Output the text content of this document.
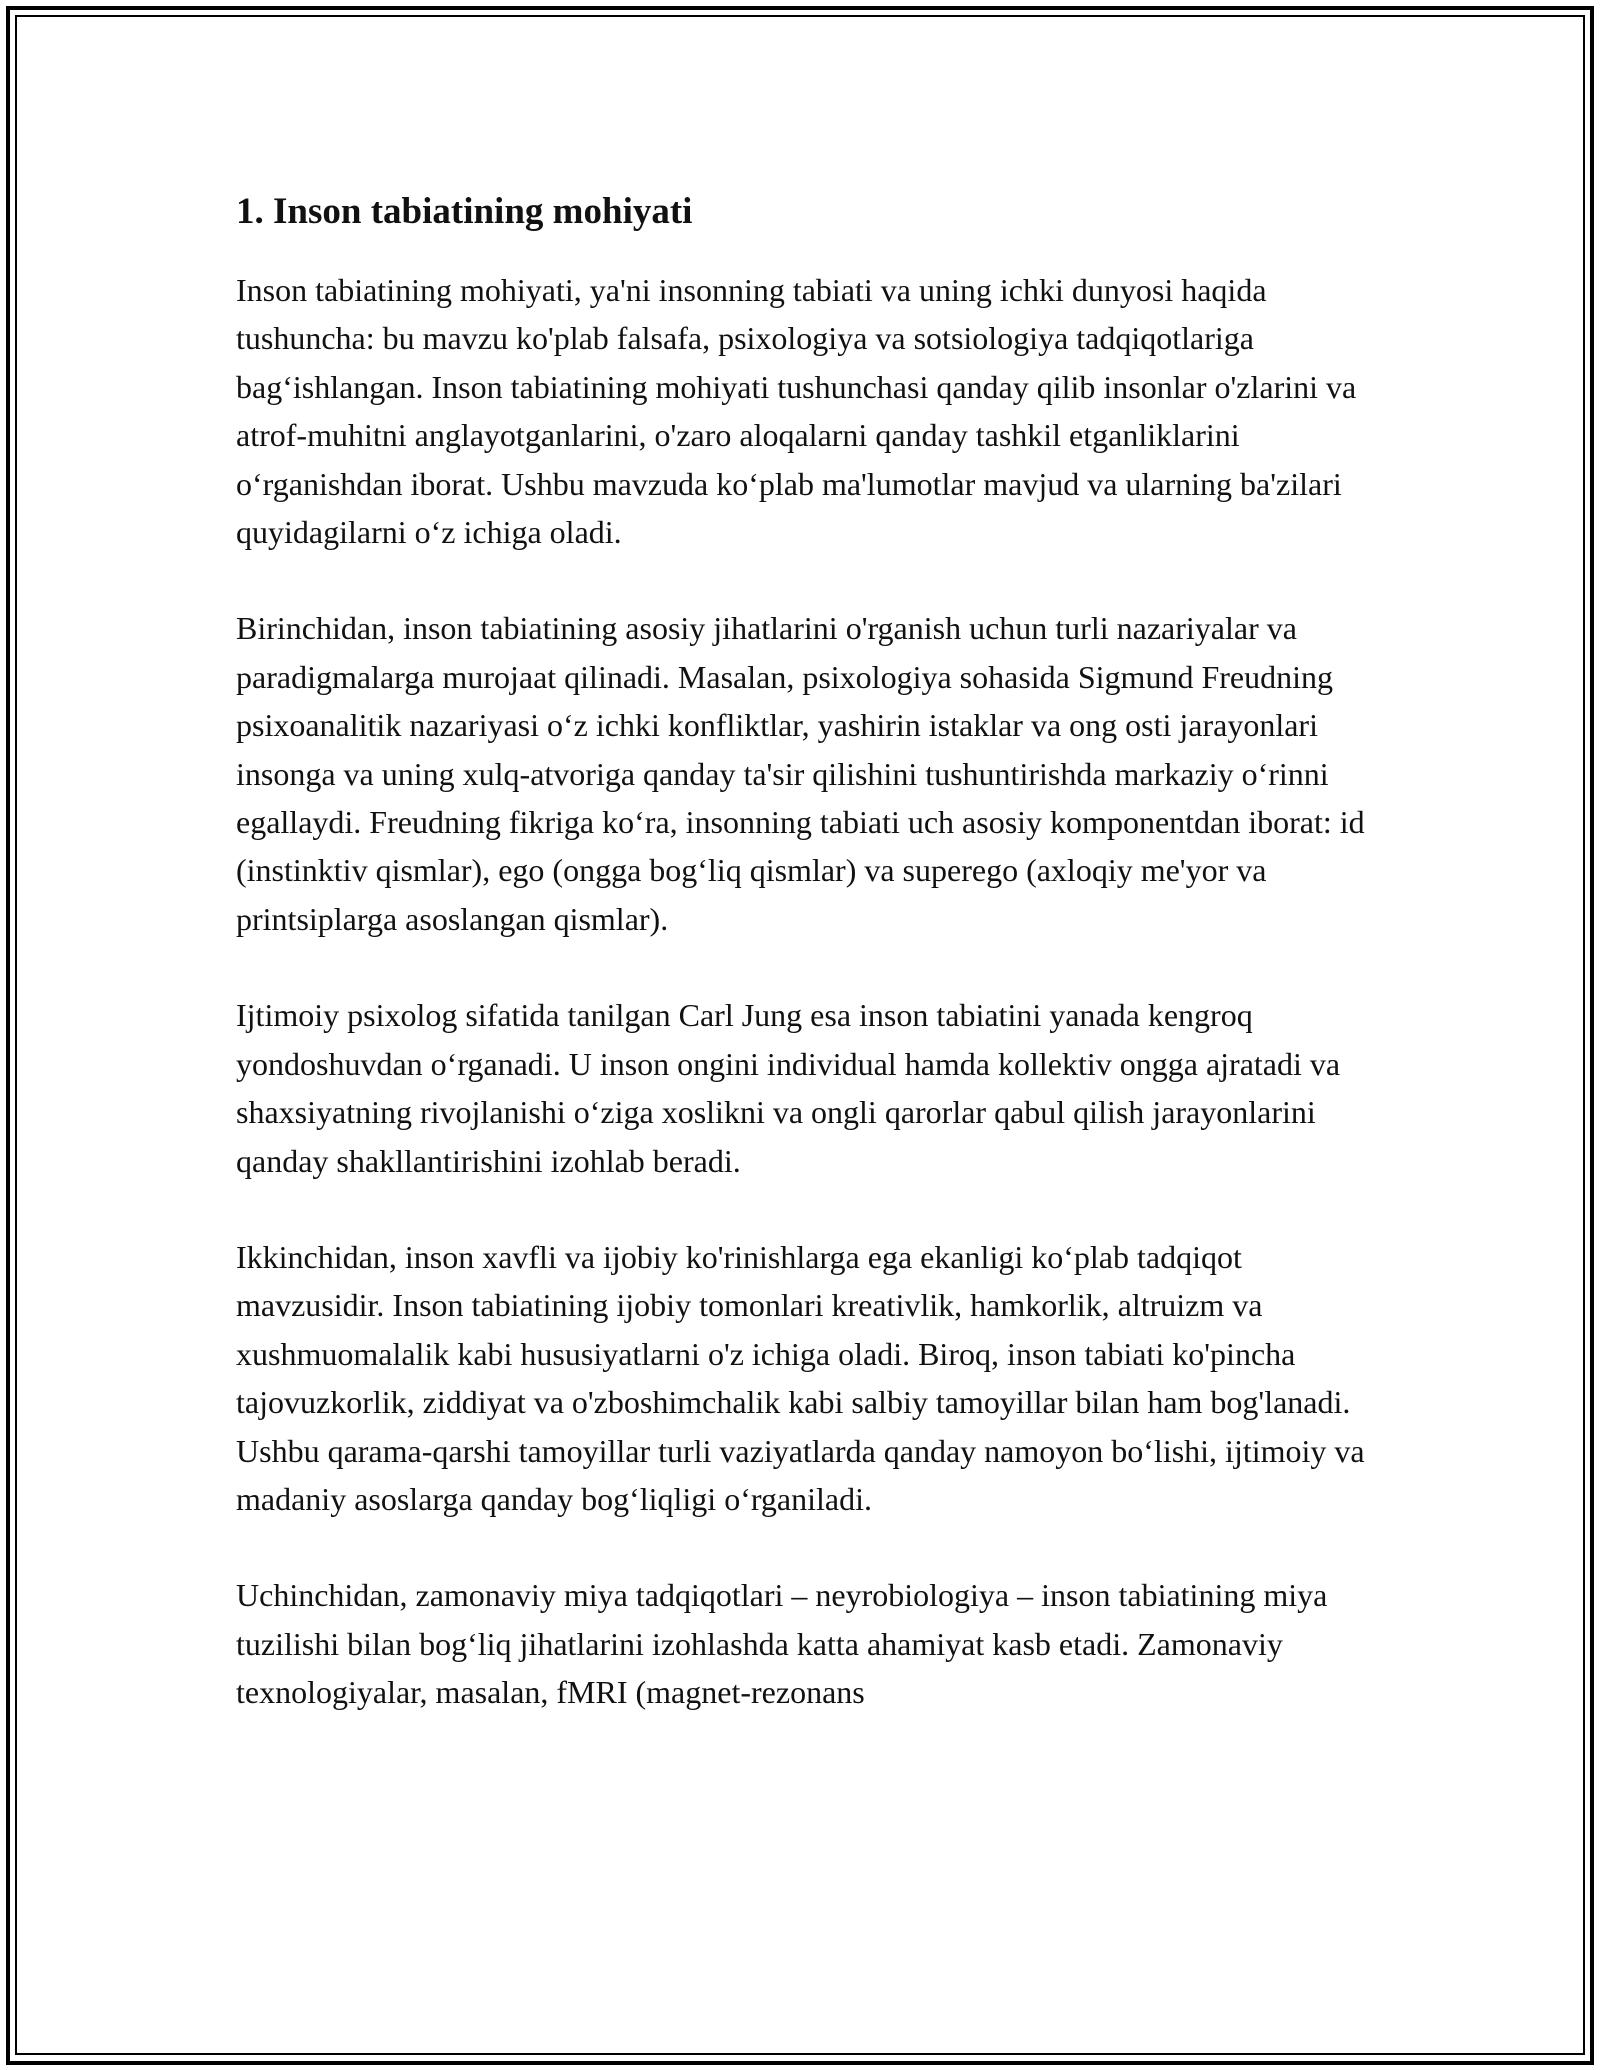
1. Inson tabiatining mohiyati

Inson tabiatining mohiyati, ya'ni insonning tabiati va uning ichki dunyosi haqida tushuncha: bu mavzu ko'plab falsafa, psixologiya va sotsiologiya tadqiqotlariga bag‘ishlangan. Inson tabiatining mohiyati tushunchasi qanday qilib insonlar o'zlarini va atrof-muhitni anglayotganlarini, o'zaro aloqalarni qanday tashkil etganliklarini o‘rganishdan iborat. Ushbu mavzuda ko‘plab ma'lumotlar mavjud va ularning ba'zilari quyidagilarni o‘z ichiga oladi.

Birinchidan, inson tabiatining asosiy jihatlarini o'rganish uchun turli nazariyalar va paradigmalarga murojaat qilinadi. Masalan, psixologiya sohasida Sigmund Freudning psixoanalitik nazariyasi o‘z ichki konfliktlar, yashirin istaklar va ong osti jarayonlari insonga va uning xulq-atvoriga qanday ta'sir qilishini tushuntirishda markaziy o‘rinni egallaydi. Freudning fikriga ko‘ra, insonning tabiati uch asosiy komponentdan iborat: id (instinktiv qismlar), ego (ongga bog‘liq qismlar) va superego (axloqiy me'yor va printsiplarga asoslangan qismlar).

Ijtimoiy psixolog sifatida tanilgan Carl Jung esa inson tabiatini yanada kengroq yondoshuvdan o‘rganadi. U inson ongini individual hamda kollektiv ongga ajratadi va shaxsiyatning rivojlanishi o‘ziga xoslikni va ongli qarorlar qabul qilish jarayonlarini qanday shakllantirishini izohlab beradi.

Ikkinchidan, inson xavfli va ijobiy ko'rinishlarga ega ekanligi ko‘plab tadqiqot mavzusidir. Inson tabiatining ijobiy tomonlari kreativlik, hamkorlik, altruizm va xushmuomalalik kabi hususiyatlarni o'z ichiga oladi. Biroq, inson tabiati ko'pincha tajovuzkorlik, ziddiyat va o'zboshimchalik kabi salbiy tamoyillar bilan ham bog'lanadi. Ushbu qarama-qarshi tamoyillar turli vaziyatlarda qanday namoyon bo‘lishi, ijtimoiy va madaniy asoslarga qanday bog‘liqligi o‘rganiladi.

Uchinchidan, zamonaviy miya tadqiqotlari – neyrobiologiya – inson tabiatining miya tuzilishi bilan bog‘liq jihatlarini izohlashda katta ahamiyat kasb etadi. Zamonaviy texnologiyalar, masalan, fMRI (magnet-rezonans
